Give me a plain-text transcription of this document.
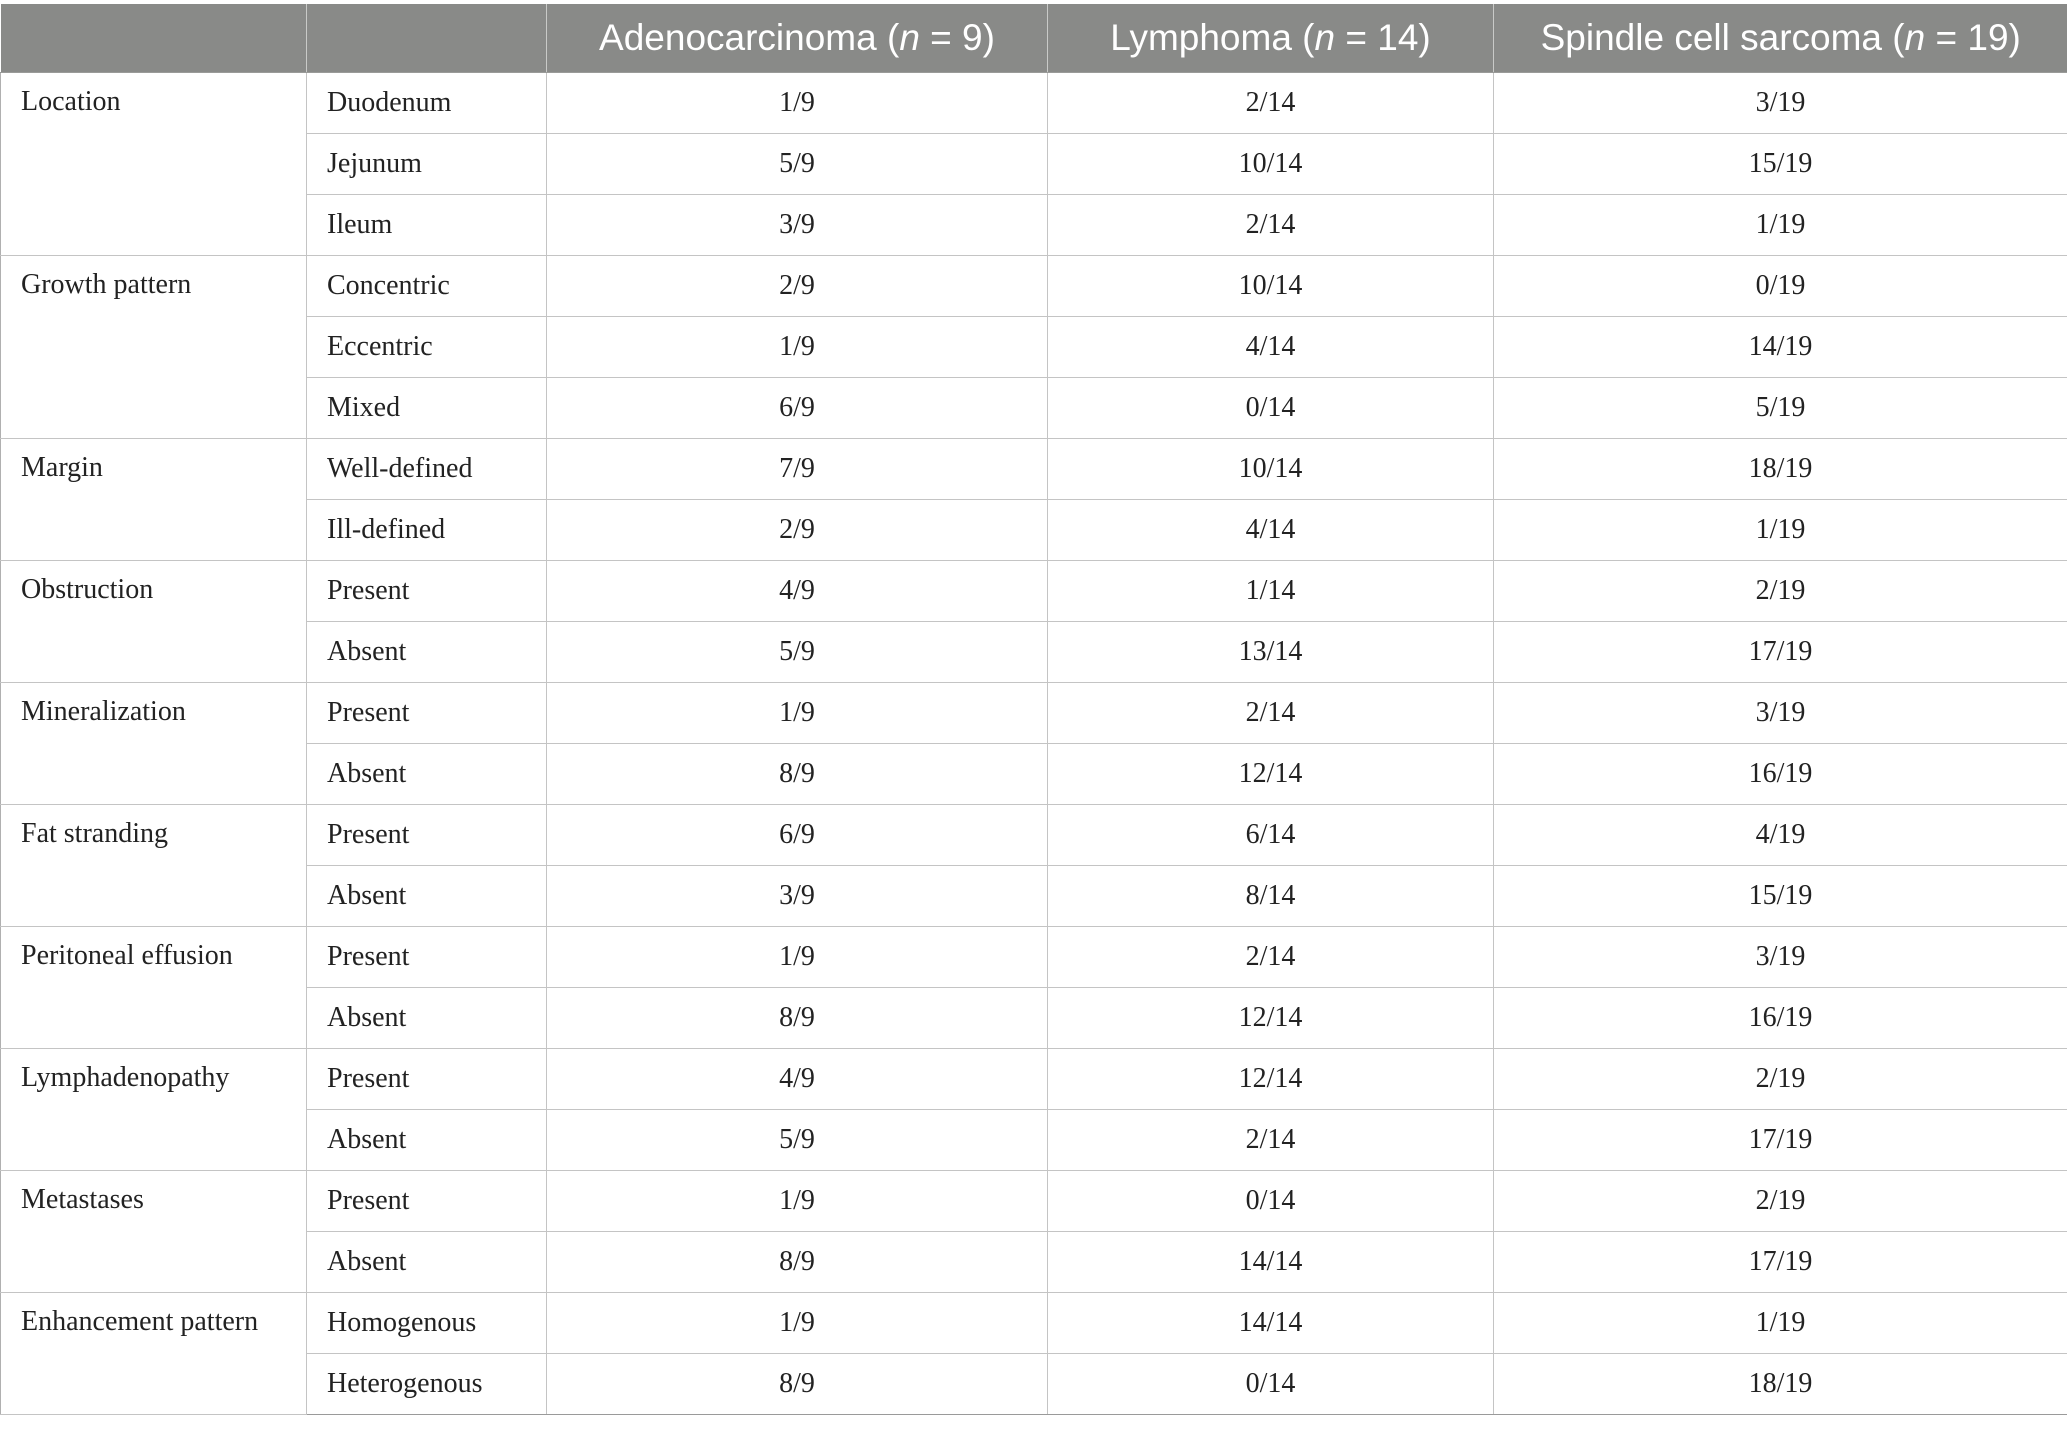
		Adenocarcinoma (n = 9)	Lymphoma (n = 14)	Spindle cell sarcoma (n = 19)
Location	Duodenum	1/9	2/14	3/19
	Jejunum	5/9	10/14	15/19
	Ileum	3/9	2/14	1/19
Growth pattern	Concentric	2/9	10/14	0/19
	Eccentric	1/9	4/14	14/19
	Mixed	6/9	0/14	5/19
Margin	Well-defined	7/9	10/14	18/19
	Ill-defined	2/9	4/14	1/19
Obstruction	Present	4/9	1/14	2/19
	Absent	5/9	13/14	17/19
Mineralization	Present	1/9	2/14	3/19
	Absent	8/9	12/14	16/19
Fat stranding	Present	6/9	6/14	4/19
	Absent	3/9	8/14	15/19
Peritoneal effusion	Present	1/9	2/14	3/19
	Absent	8/9	12/14	16/19
Lymphadenopathy	Present	4/9	12/14	2/19
	Absent	5/9	2/14	17/19
Metastases	Present	1/9	0/14	2/19
	Absent	8/9	14/14	17/19
Enhancement pattern	Homogenous	1/9	14/14	1/19
	Heterogenous	8/9	0/14	18/19
